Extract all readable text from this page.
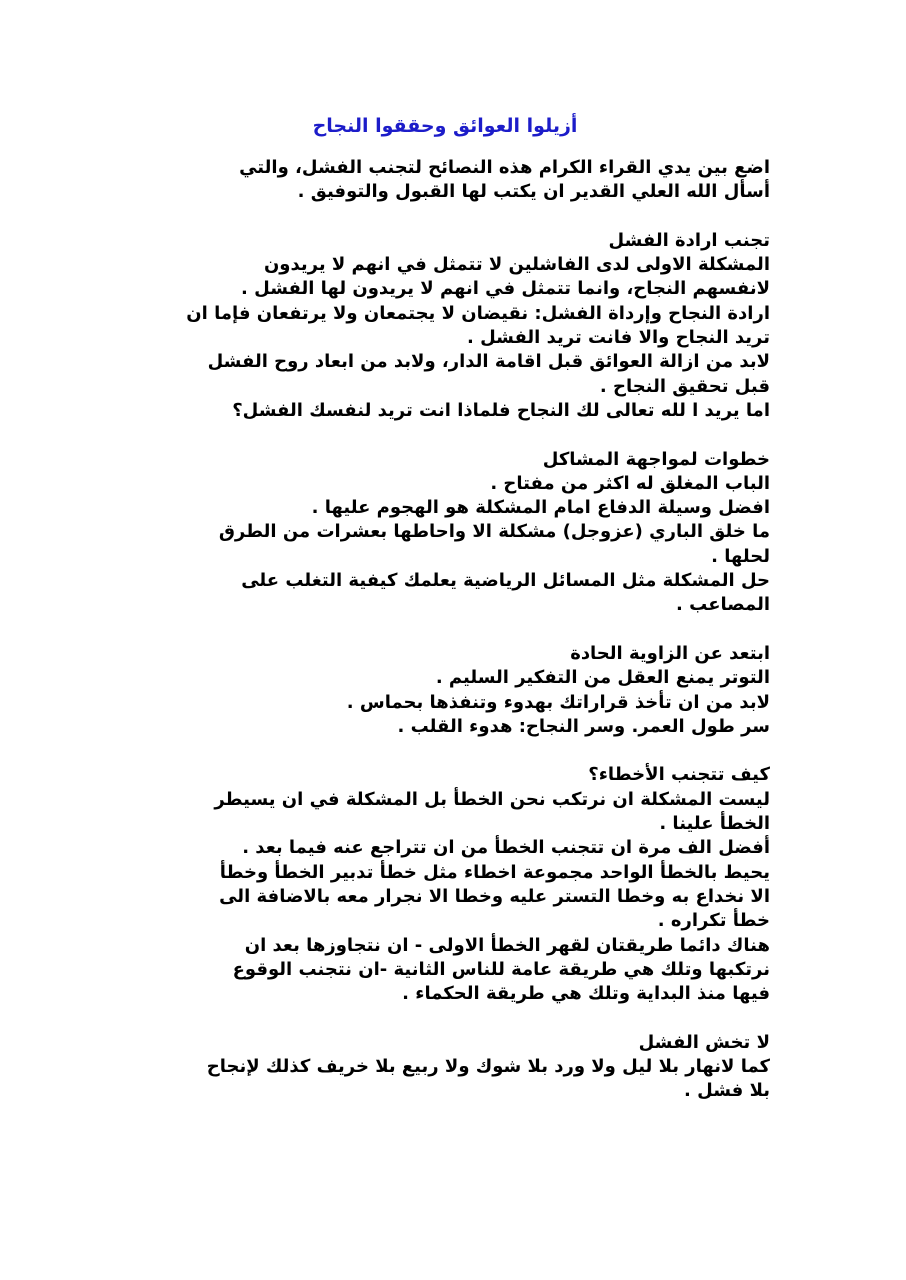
أزيلوا العوائق وحققوا النجاح

اضع بين يدي القراء الكرام هذه النصائح لتجنب الفشل، والتي
أسأل الله العلي القدير ان يكتب لها القبول والتوفيق .
تجنب ارادة الفشل
المشكلة الاولى لدى الفاشلين لا تتمثل في انهم لا يريدون
لانفسهم النجاح، وانما تتمثل في انهم لا يريدون لها الفشل .
ارادة النجاح وإرداة الفشل: نقيضان لا يجتمعان ولا يرتفعان فإما ان
تريد النجاح والا فانت تريد الفشل .
لابد من ازالة العوائق قبل اقامة الدار، ولابد من ابعاد روح الفشل
قبل تحقيق النجاح .
اما يريد ا لله تعالى لك النجاح فلماذا انت تريد لنفسك الفشل؟
خطوات لمواجهة المشاكل
الباب المغلق له اكثر من مفتاح .
افضل وسيلة الدفاع امام المشكلة هو الهجوم عليها .
ما خلق الباري (عزوجل) مشكلة الا واحاطها بعشرات من الطرق
لحلها .
حل المشكلة مثل المسائل الرياضية يعلمك كيفية التغلب على
المصاعب .
ابتعد عن الزاوية الحادة
التوتر يمنع العقل من التفكير السليم .
لابد من ان تأخذ قراراتك بهدوء وتنفذها بحماس .
سر طول العمر. وسر النجاح: هدوء القلب .
كيف تتجنب الأخطاء؟
ليست المشكلة ان نرتكب نحن الخطأ بل المشكلة في ان يسيطر
الخطأ علينا .
أفضل الف مرة ان تتجنب الخطأ من ان تتراجع عنه فيما بعد .
يحيط بالخطأ الواحد مجموعة اخطاء مثل خطأ تدبير الخطأ وخطأ
الا نخداع به وخطا التستر عليه وخطا الا نجرار معه بالاضافة الى
خطأ تكراره .
هناك دائما طريقتان لقهر الخطأ الاولى - ان نتجاوزها بعد ان
نرتكبها وتلك هي طريقة عامة للناس الثانية -ان نتجنب الوقوع
فيها منذ البداية وتلك هي طريقة الحكماء .
لا تخش الفشل
كما لانهار بلا ليل ولا ورد بلا شوك ولا ربيع بلا خريف كذلك لإنجاح
بلا فشل .
